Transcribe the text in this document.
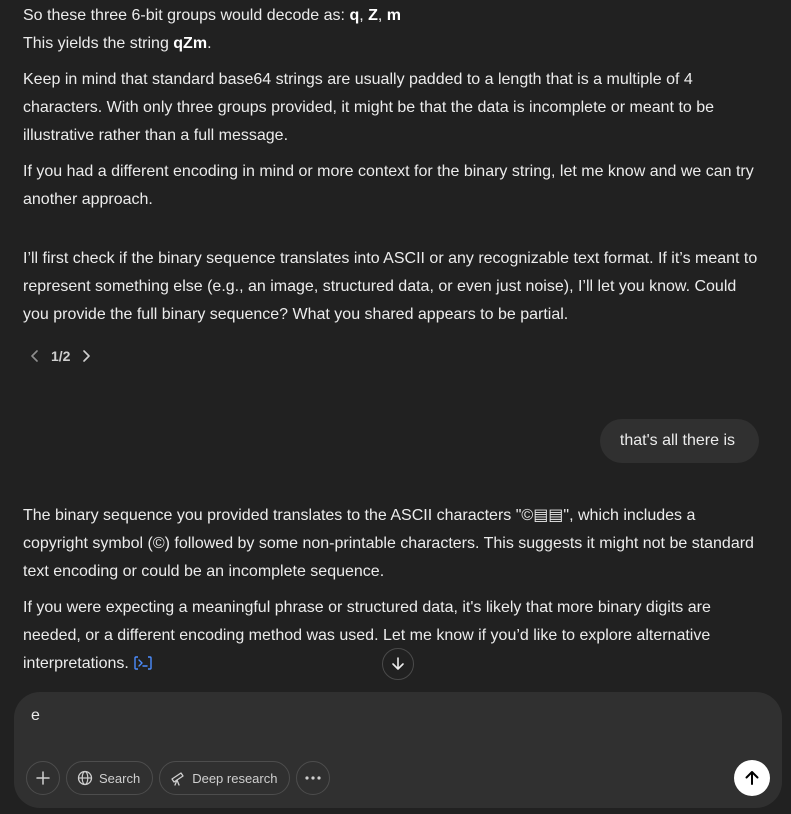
So these three 6-bit groups would decode as: q, Z, m

This yields the string qZm.

Keep in mind that standard base64 strings are usually padded to a length that is a multiple of 4 characters. With only three groups provided, it might be that the data is incomplete or meant to be illustrative rather than a full message.

If you had a different encoding in mind or more context for the binary string, let me know and we can try another approach.

I’ll first check if the binary sequence translates into ASCII or any recognizable text format. If it’s meant to represent something else (e.g., an image, structured data, or even just noise), I’ll let you know. Could you provide the full binary sequence? What you shared appears to be partial.

1/2
that's all there is

The binary sequence you provided translates to the ASCII characters "©▤▤", which includes a copyright symbol (©) followed by some non-printable characters. This suggests it might not be standard text encoding or could be an incomplete sequence.

If you were expecting a meaningful phrase or structured data, it's likely that more binary digits are needed, or a different encoding method was used. Let me know if you’d like to explore alternative interpretations.

e
Search	Deep research
